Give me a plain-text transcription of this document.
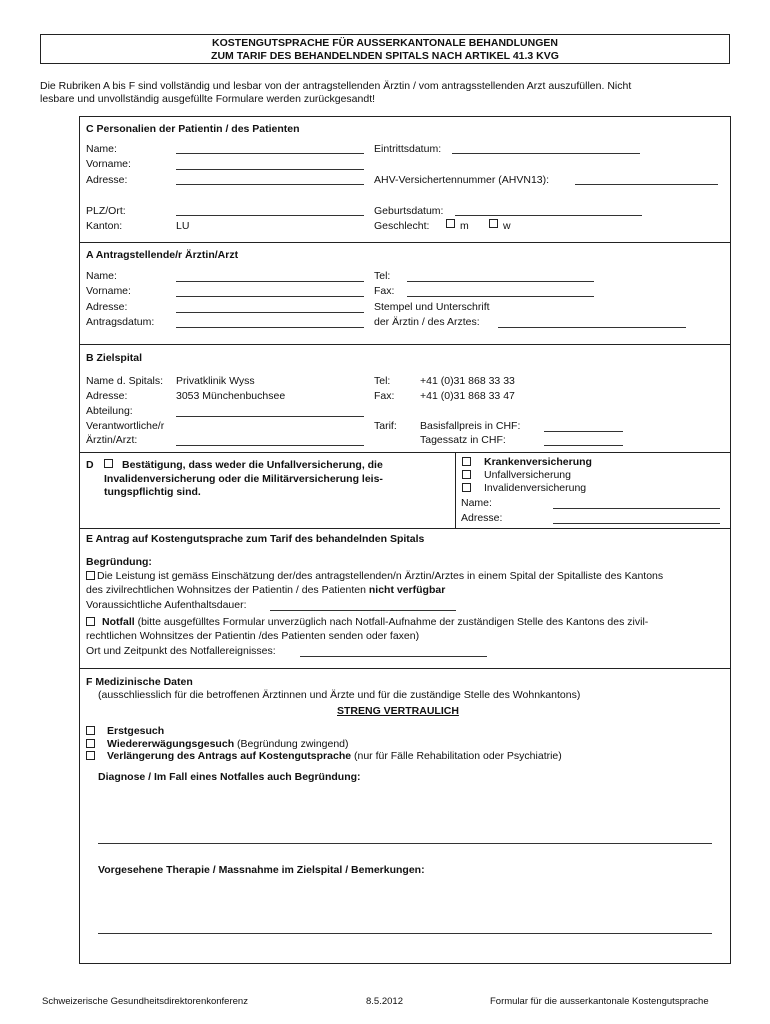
KOSTENGUTSPRACHE FÜR AUSSERKANTONALE BEHANDLUNGEN
ZUM TARIF DES BEHANDELNDEN SPITALS NACH ARTIKEL 41.3 KVG
Die Rubriken A bis F sind vollständig und lesbar von der antragstellenden Ärztin / vom antragsstellenden Arzt auszufüllen. Nicht
lesbare und unvollständig ausgefüllte Formulare werden zurückgesandt!
C Personalien der Patientin / des Patienten
Name:
Vorname:
Adresse:
PLZ/Ort:
Kanton:	LU
Eintrittsdatum:
AHV-Versichertennummer (AHVN13):
Geburtsdatum:
Geschlecht:	m	w
A Antragstellende/r Ärztin/Arzt
Name:
Vorname:
Adresse:
Antragsdatum:
Tel:
Fax:
Stempel und Unterschrift
der Ärztin / des Arztes:
B Zielspital
Name d. Spitals: Privatklinik Wyss
Adresse:	3053 Münchenbuchsee
Abteilung:
Verantwortliche/r
Ärztin/Arzt:
Tel:	+41 (0)31 868 33 33
Fax: +41 (0)31 868 33 47
Tarif: Basisfallpreis in CHF:
Tagessatz in CHF:
D	Bestätigung, dass weder die Unfallversicherung, die
Invalidenversicherung oder die Militärversicherung leis-
tungspflichtig sind.
Krankenversicherung
Unfallversicherung
Invalidenversicherung
Name:
Adresse:
E Antrag auf Kostengutsprache zum Tarif des behandelnden Spitals
Begründung:
Die Leistung ist gemäss Einschätzung der/des antragstellenden/n Ärztin/Arztes in einem Spital der Spitalliste des Kantons
des zivilrechtlichen Wohnsitzes der Patientin / des Patienten nicht verfügbar
Voraussichtliche Aufenthaltsdauer:
Notfall (bitte ausgefülltes Formular unverzüglich nach Notfall-Aufnahme der zuständigen Stelle des Kantons des zivil-
rechtlichen Wohnsitzes der Patientin /des Patienten senden oder faxen)
Ort und Zeitpunkt des Notfallereignisses:
F Medizinische Daten
(ausschliesslich für die betroffenen Ärztinnen und Ärzte und für die zuständige Stelle des Wohnkantons)
STRENG VERTRAULICH
Erstgesuch
Wiedererwägungsgesuch (Begründung zwingend)
Verlängerung des Antrags auf Kostengutsprache (nur für Fälle Rehabilitation oder Psychiatrie)
Diagnose / Im Fall eines Notfalles auch Begründung:
Vorgesehene Therapie / Massnahme im Zielspital / Bemerkungen:
Schweizerische Gesundheitsdirektorenkonferenz	8.5.2012	Formular für die ausserkantonale Kostengutsprache
